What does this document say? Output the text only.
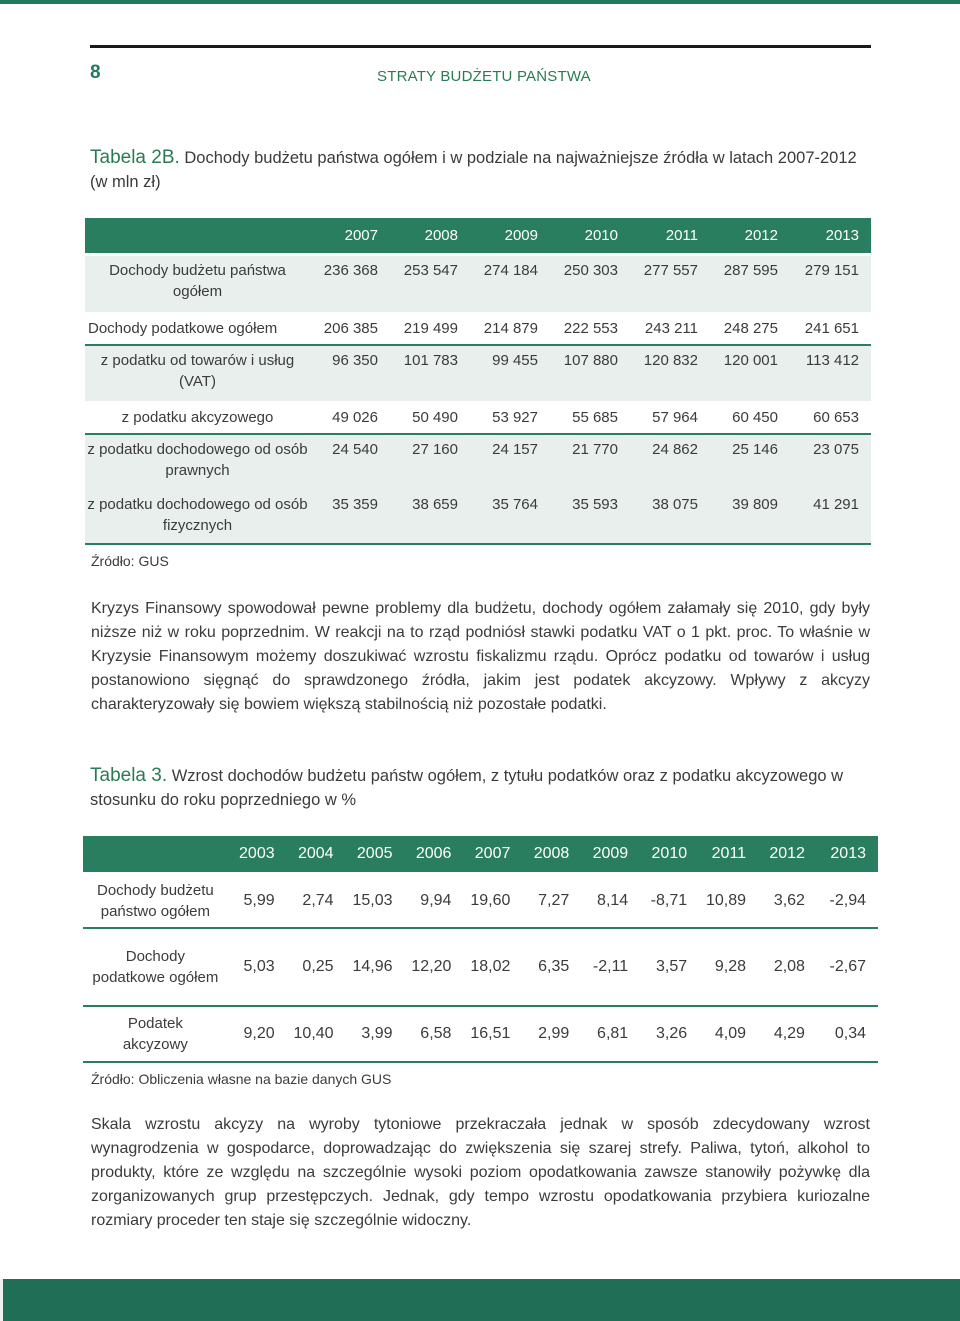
8	STRATY BUDŻETU PAŃSTWA
Tabela 2B. Dochody budżetu państwa ogółem i w podziale na najważniejsze źródła w latach 2007-2012 (w mln zł)
	2007	2008	2009	2010	2011	2012	2013
Dochody budżetu państwa ogółem	236 368	253 547	274 184	250 303	277 557	287 595	279 151
Dochody podatkowe ogółem	206 385	219 499	214 879	222 553	243 211	248 275	241 651
z podatku od towarów i usług (VAT)	96 350	101 783	99 455	107 880	120 832	120 001	113 412
z podatku akcyzowego	49 026	50 490	53 927	55 685	57 964	60 450	60 653
z podatku dochodowego od osób prawnych	24 540	27 160	24 157	21 770	24 862	25 146	23 075
z podatku dochodowego od osób fizycznych	35 359	38 659	35 764	35 593	38 075	39 809	41 291
Źródło: GUS
Kryzys Finansowy spowodował pewne problemy dla budżetu, dochody ogółem załamały się 2010, gdy były niższe niż w roku poprzednim. W reakcji na to rząd podniósł stawki podatku VAT o 1 pkt. proc. To właśnie w Kryzysie Finansowym możemy doszukiwać wzrostu fiskalizmu rządu. Oprócz podatku od towarów i usług postanowiono sięgnąć do sprawdzonego źródła, jakim jest podatek akcyzowy. Wpływy z akcyzy charakteryzowały się bowiem większą stabilnością niż pozostałe podatki.
Tabela 3. Wzrost dochodów budżetu państw ogółem, z tytułu podatków oraz z podatku akcyzowego w stosunku do roku poprzedniego w %
	2003	2004	2005	2006	2007	2008	2009	2010	2011	2012	2013
Dochody budżetu państwo ogółem	5,99	2,74	15,03	9,94	19,60	7,27	8,14	-8,71	10,89	3,62	-2,94
Dochody podatkowe ogółem	5,03	0,25	14,96	12,20	18,02	6,35	-2,11	3,57	9,28	2,08	-2,67
Podatek akcyzowy	9,20	10,40	3,99	6,58	16,51	2,99	6,81	3,26	4,09	4,29	0,34
Źródło: Obliczenia własne na bazie danych GUS
Skala wzrostu akcyzy na wyroby tytoniowe przekraczała jednak w sposób zdecydowany wzrost wynagrodzenia w gospodarce, doprowadzając do zwiększenia się szarej strefy. Paliwa, tytoń, alkohol to produkty, które ze względu na szczególnie wysoki poziom opodatkowania zawsze stanowiły pożywkę dla zorganizowanych grup przestępczych. Jednak, gdy tempo wzrostu opodatkowania przybiera kuriozalne rozmiary proceder ten staje się szczególnie widoczny.
